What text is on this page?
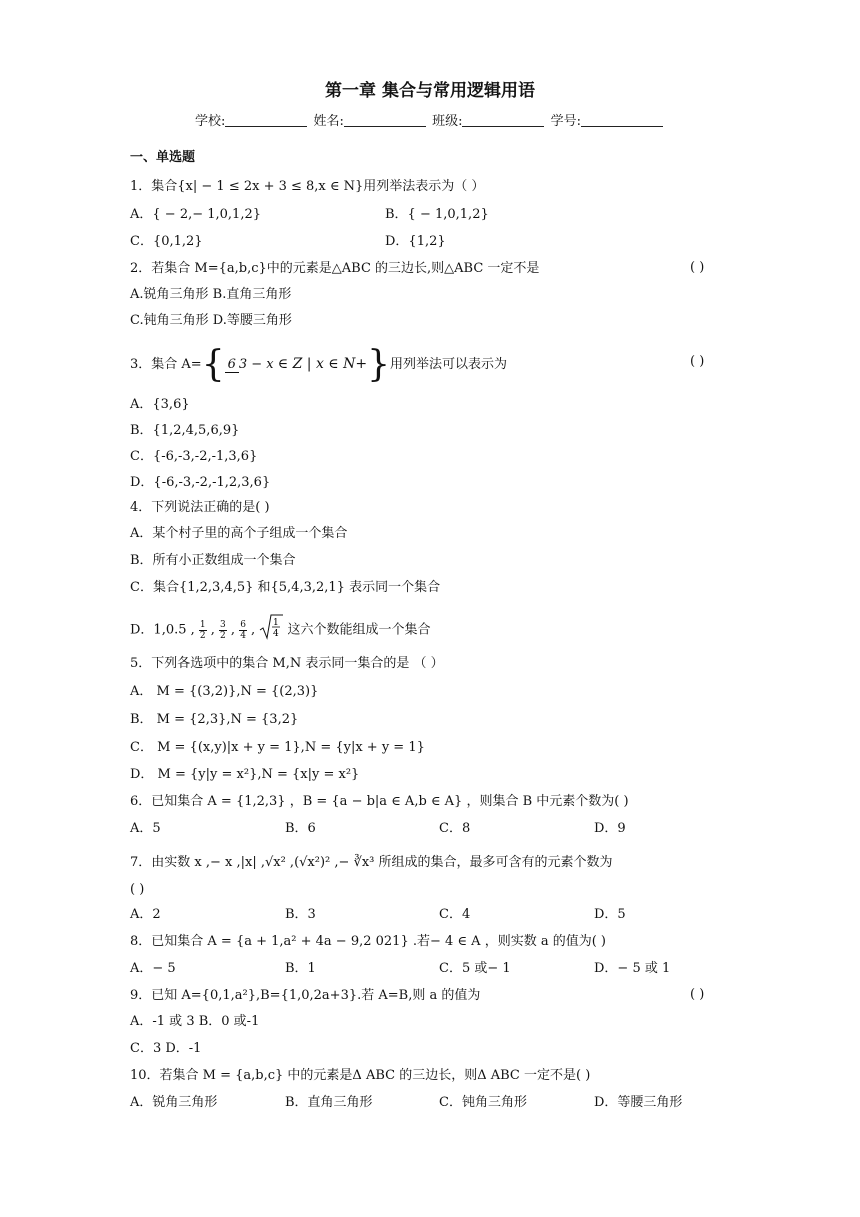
第一章 集合与常用逻辑用语
学校:	姓名:	班级:	学号:
一、单选题
1．集合{x| − 1 ≤ 2x + 3 ≤ 8,x ∈ N}用列举法表示为（ ）
A．{ − 2,− 1,0,1,2}	B．{ − 1,0,1,2}
C．{0,1,2}	D．{1,2}
2．若集合 M={a,b,c}中的元素是△ABC 的三边长,则△ABC 一定不是	( )
A.锐角三角形 B.直角三角形
C.钝角三角形 D.等腰三角形
3．集合 A={ 6 3 − x ∈ Z | x ∈ N+}用列举法可以表示为	( )
A．{3,6}
B．{1,2,4,5,6,9}
C．{-6,-3,-2,-1,3,6}
D．{-6,-3,-2,-1,2,3,6}
4．下列说法正确的是( )
A．某个村子里的高个子组成一个集合
B．所有小正数组成一个集合
C．集合{1,2,3,4,5} 和{5,4,3,2,1} 表示同一个集合
D．1,0.5 , $\frac{1}{2}$ , $\frac{3}{2}$ , $\frac{6}{4}$ , 1
4 这六个数能组成一个集合
5．下列各选项中的集合 M,N 表示同一集合的是 （ ）
A． M = {(3,2)},N = {(2,3)}
B． M = {2,3},N = {3,2}
C． M = {(x,y)|x + y = 1},N = {y|x + y = 1}
D． M = {y|y = x²},N = {x|y = x²}
6．已知集合 A = {1,2,3} ，B = {a − b|a ∈ A,b ∈ A} ，则集合 B 中元素个数为( )
A．5	B．6	C．8	D．9
7．由实数 x ,− x ,|x| ,√x² ,(√x²)² ,− ∛x³ 所组成的集合，最多可含有的元素个数为
( )
A．2	B．3	C．4	D．5
8．已知集合 A = {a + 1,a² + 4a − 9,2 021} .若− 4 ∈ A ，则实数 a 的值为( )
A．− 5	B．1	C．5 或− 1	D．− 5 或 1
9．已知 A={0,1,a²},B={1,0,2a+3}.若 A=B,则 a 的值为	( )
A．-1 或 3 B．0 或-1
C．3 D．-1
10．若集合 M = {a,b,c} 中的元素是Δ ABC 的三边长，则Δ ABC 一定不是( )
A．锐角三角形	B．直角三角形	C．钝角三角形	D．等腰三角形
